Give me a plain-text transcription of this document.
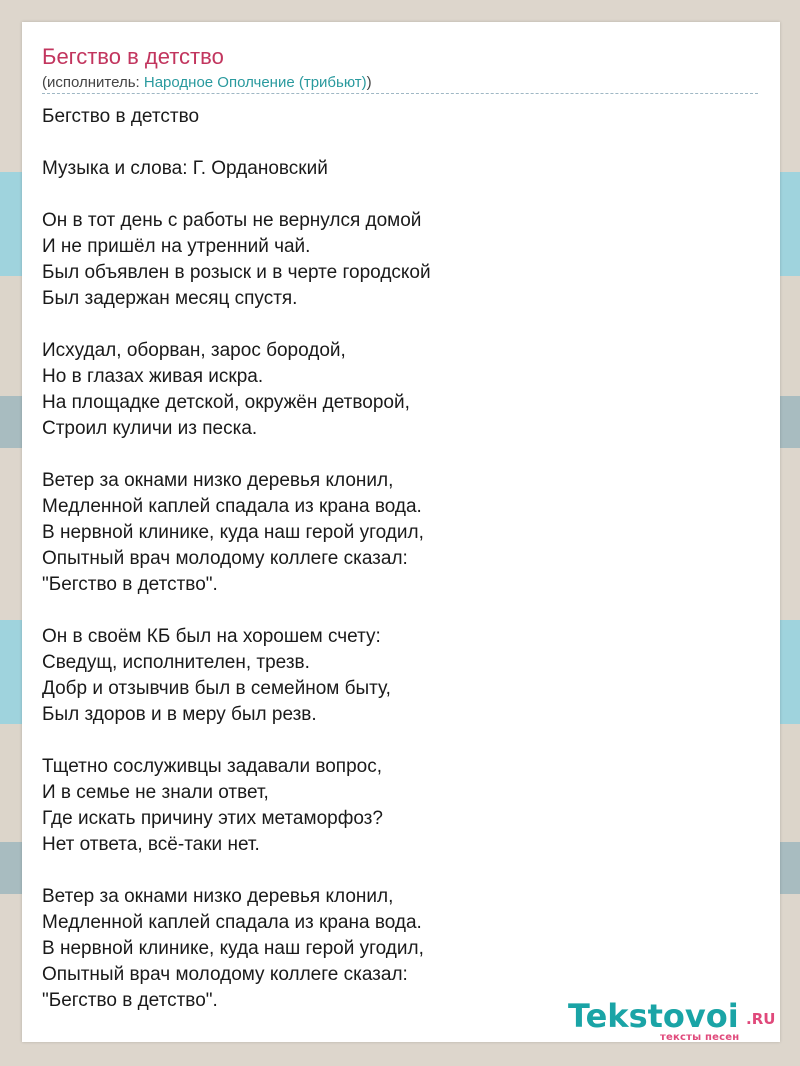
Бегство в детство
(исполнитель: Народное Ополчение (трибьют))
Бегство в детство
Музыка и слова: Г. Ордановский
Он в тот день с работы не вернулся домой
И не пришёл на утренний чай.
Был объявлен в розыск и в черте городской
Был задержан месяц спустя.
Исхудал, оборван, зарос бородой,
Но в глазах живая искра.
На площадке детской, окружён детворой,
Строил куличи из песка.
Ветер за окнами низко деревья клонил,
Медленной каплей спадала из крана вода.
В нервной клинике, куда наш герой угодил,
Опытный врач молодому коллеге сказал:
"Бегство в детство".
Он в своём КБ был на хорошем счету:
Сведущ, исполнителен, трезв.
Добр и отзывчив был в семейном быту,
Был здоров и в меру был резв.
Тщетно сослуживцы задавали вопрос,
И в семье не знали ответ,
Где искать причину этих метаморфоз?
Нет ответа, всё-таки нет.
Ветер за окнами низко деревья клонил,
Медленной каплей спадала из крана вода.
В нервной клинике, куда наш герой угодил,
Опытный врач молодому коллеге сказал:
"Бегство в детство".	Tekstovoi .RU
тексты песен
